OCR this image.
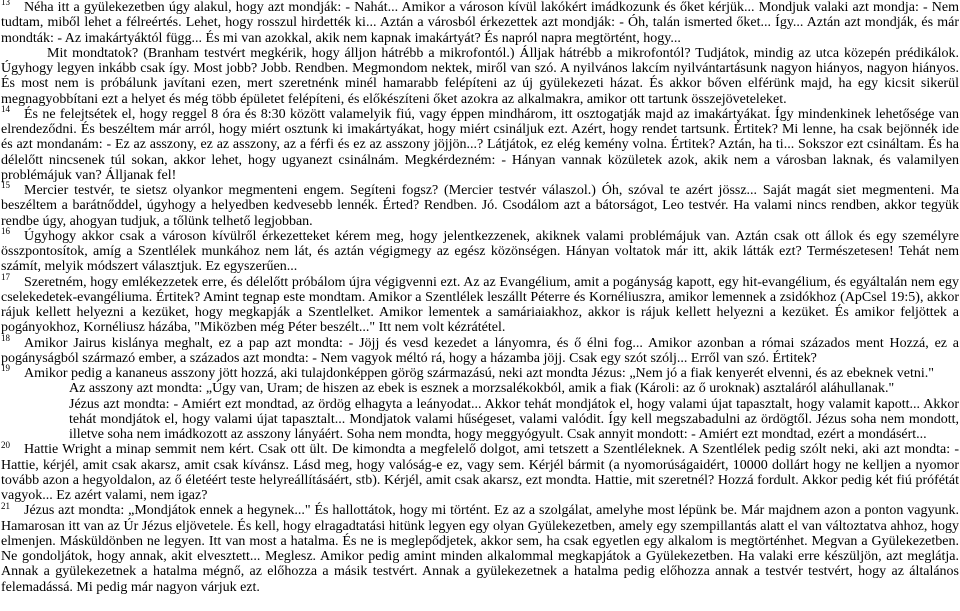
$^{13}$ Néha itt a gyülekezetben úgy alakul, hogy azt mondják: - Nahát... Amikor a városon kívül lakókért imádkozunk és őket kérjük... Mondjuk valaki azt mondja: - Nem tudtam, miből lehet a félreértés. Lehet, hogy rosszul hirdették ki... Aztán a városból érkezettek azt mondják: - Óh, talán ismerted őket... Így... Aztán azt mondják, és már mondták: - Az imakártyáktól függ... És mi van azokkal, akik nem kapnak imakártyát? És napról napra megtörtént, hogy...

Mit mondtatok? (Branham testvért megkérik, hogy álljon hátrébb a mikrofontól.) Álljak hátrébb a mikrofontól? Tudjátok, mindig az utca közepén prédikálok. Úgyhogy legyen inkább csak így. Most jobb? Jobb. Rendben. Megmondom nektek, miről van szó. A nyilvános lakcím nyilvántartásunk nagyon hiányos, nagyon hiányos. És most nem is próbálunk javítani ezen, mert szeretnénk minél hamarabb felépíteni az új gyülekezeti házat. És akkor bőven elférünk majd, ha egy kicsit sikerül megnagyobbítani ezt a helyet és még több épületet felépíteni, és előkészíteni őket azokra az alkalmakra, amikor ott tartunk összejöveteleket.

$^{14}$ És ne felejtsétek el, hogy reggel 8 óra és 8:30 között valamelyik fiú, vagy éppen mindhárom, itt osztogatják majd az imakártyákat. Így mindenkinek lehetősége van elrendeződni. És beszéltem már arról, hogy miért osztunk ki imakártyákat, hogy miért csináljuk ezt. Azért, hogy rendet tartsunk. Értitek? Mi lenne, ha csak bejönnék ide és azt mondanám: - Ez az asszony, ez az asszony, az a férfi és ez az asszony jöjjön...? Látjátok, ez elég kemény volna. Értitek? Aztán, ha ti... Sokszor ezt csináltam. És ha délelőtt nincsenek túl sokan, akkor lehet, hogy ugyanezt csinálnám. Megkérdezném: - Hányan vannak közületek azok, akik nem a városban laknak, és valamilyen problémájuk van? Álljanak fel!

$^{15}$ Mercier testvér, te sietsz olyankor megmenteni engem. Segíteni fogsz? (Mercier testvér válaszol.) Óh, szóval te azért jössz... Saját magát siet megmenteni. Ma beszéltem a barátnőddel, úgyhogy a helyedben kedvesebb lennék. Érted? Rendben. Jó. Csodálom azt a bátorságot, Leo testvér. Ha valami nincs rendben, akkor tegyük rendbe úgy, ahogyan tudjuk, a tőlünk telhető legjobban.

$^{16}$ Úgyhogy akkor csak a városon kívülről érkezetteket kérem meg, hogy jelentkezzenek, akiknek valami problémájuk van. Aztán csak ott állok és egy személyre összpontosítok, amíg a Szentlélek munkához nem lát, és aztán végigmegy az egész közönségen. Hányan voltatok már itt, akik látták ezt? Természetesen! Tehát nem számít, melyik módszert választjuk. Ez egyszerűen...

$^{17}$ Szeretném, hogy emlékezzetek erre, és délelőtt próbálom újra végigvenni ezt. Az az Evangélium, amit a pogányság kapott, egy hit-evangélium, és egyáltalán nem egy cselekedetek-evangéliuma. Értitek? Amint tegnap este mondtam. Amikor a Szentlélek leszállt Péterre és Kornéliuszra, amikor lemennek a zsidókhoz (ApCsel 19:5), akkor rájuk kellett helyezni a kezüket, hogy megkapják a Szentlelket. Amikor lementek a samáriaiakhoz, akkor is rájuk kellett helyezni a kezüket. És amikor feljöttek a pogányokhoz, Kornéliusz házába, "Miközben még Péter beszélt..." Itt nem volt kézrátétel.

$^{18}$ Amikor Jairus kislánya meghalt, ez a pap azt mondta: - Jöjj és vesd kezedet a lányomra, és ő élni fog... Amikor azonban a római százados ment Hozzá, ez a pogányságból származó ember, a százados azt mondta: - Nem vagyok méltó rá, hogy a házamba jöjj. Csak egy szót szólj... Erről van szó. Értitek?

$^{19}$ Amikor pedig a kananeus asszony jött hozzá, aki tulajdonképpen görög származású, neki azt mondta Jézus: „Nem jó a fiak kenyerét elvenni, és az ebeknek vetni."

Az asszony azt mondta: „Úgy van, Uram; de hiszen az ebek is esznek a morzsalékokból, amik a fiak (Károli: az ő uroknak) asztaláról aláhullanak."

Jézus azt mondta: - Amiért ezt mondtad, az ördög elhagyta a leányodat... Akkor tehát mondjátok el, hogy valami újat tapasztalt, hogy valamit kapott... Akkor tehát mondjátok el, hogy valami újat tapasztalt... Mondjatok valami hűségeset, valami valódit. Így kell megszabadulni az ördögtől. Jézus soha nem mondott, illetve soha nem imádkozott az asszony lányáért. Soha nem mondta, hogy meggyógyult. Csak annyit mondott: - Amiért ezt mondtad, ezért a mondásért...

$^{20}$ Hattie Wright a minap semmit nem kért. Csak ott ült. De kimondta a megfelelő dolgot, ami tetszett a Szentléleknek. A Szentlélek pedig szólt neki, aki azt mondta: - Hattie, kérjél, amit csak akarsz, amit csak kívánsz. Lásd meg, hogy valóság-e ez, vagy sem. Kérjél bármit (a nyomorúságaidért, 10000 dollárt hogy ne kelljen a nyomor tovább azon a hegyoldalon, az ő életéért teste helyreállításáért, stb). Kérjél, amit csak akarsz, ezt mondta. Hattie, mit szeretnél? Hozzá fordult. Akkor pedig két fiú prófétát vagyok... Ez azért valami, nem igaz?

$^{21}$ Jézus azt mondta: „Mondjátok ennek a hegynek..." És hallottátok, hogy mi történt. Ez az a szolgálat, amelyhe most lépünk be. Már majdnem azon a ponton vagyunk. Hamarosan itt van az Úr Jézus eljövetele. És kell, hogy elragadtatási hitünk legyen egy olyan Gyülekezetben, amely egy szempillantás alatt el van változtatva ahhoz, hogy elmenjen. Másküldönben ne legyen. Itt van most a hatalma. És ne is meglepődjetek, akkor sem, ha csak egyetlen egy alkalom is megtörténhet. Megvan a Gyülekezetben. Ne gondoljátok, hogy annak, akit elvesztett... Meglesz. Amikor pedig amint minden alkalommal megkapjátok a Gyülekezetben. Ha valaki erre készüljön, azt meglátja. Annak a gyülekezetnek a hatalma mégnő, az előhozza a másik testvért. Annak a gyülekezetnek a hatalma pedig előhozza annak a testvér testvért, hogy az általános felemadássá. Mi pedig már nagyon várjuk ezt.
